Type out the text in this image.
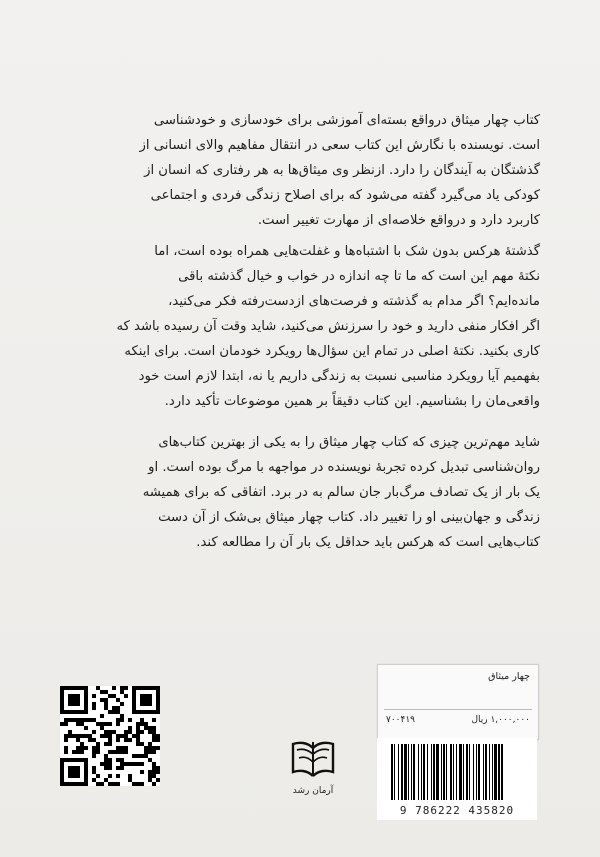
کتاب چهار میثاق درواقع بسته‌ای آموزشی برای خودسازی و خودشناسی
است. نویسنده با نگارش این کتاب سعی در انتقال مفاهیم والای انسانی از
گذشتگان به آیندگان را دارد. ازنظر وی میثاق‌ها به هر رفتاری که انسان از
کودکی یاد می‌گیرد گفته می‌شود که برای اصلاح زندگی فردی و اجتماعی
کاربرد دارد و درواقع خلاصه‌ای از مهارت تغییر است.
گذشتهٔ هرکس بدون شک با اشتباه‌ها و غفلت‌هایی همراه بوده است، اما
نکتهٔ مهم این است که ما تا چه اندازه در خواب و خیال گذشته باقی
مانده‌ایم؟ اگر مدام به گذشته و فرصت‌های ازدست‌رفته فکر می‌کنید،
اگر افکار منفی دارید و خود را سرزنش می‌کنید، شاید وقت آن رسیده باشد که
کاری بکنید. نکتهٔ اصلی در تمام این سؤال‌ها رویکرد خودمان است. برای اینکه
بفهمیم آیا رویکرد مناسبی نسبت به زندگی داریم یا نه، ابتدا لازم است خود
واقعی‌مان را بشناسیم. این کتاب دقیقاً بر همین موضوعات تأکید دارد.
شاید مهم‌ترین چیزی که کتاب چهار میثاق را به یکی از بهترین کتاب‌های
روان‌شناسی تبدیل کرده تجربهٔ نویسنده در مواجهه با مرگ بوده است. او
یک بار از یک تصادف مرگ‌بار جان سالم به در برد. اتفاقی که برای همیشه
زندگی و جهان‌بینی او را تغییر داد. کتاب چهار میثاق بی‌شک از آن دست
کتاب‌هایی است که هرکس باید حداقل یک بار آن را مطالعه کند.
آرمان رشد
چهار میثاق
۷۰۰۴۱۹	۱,۰۰۰,۰۰۰ ریال
9 786222 435820
